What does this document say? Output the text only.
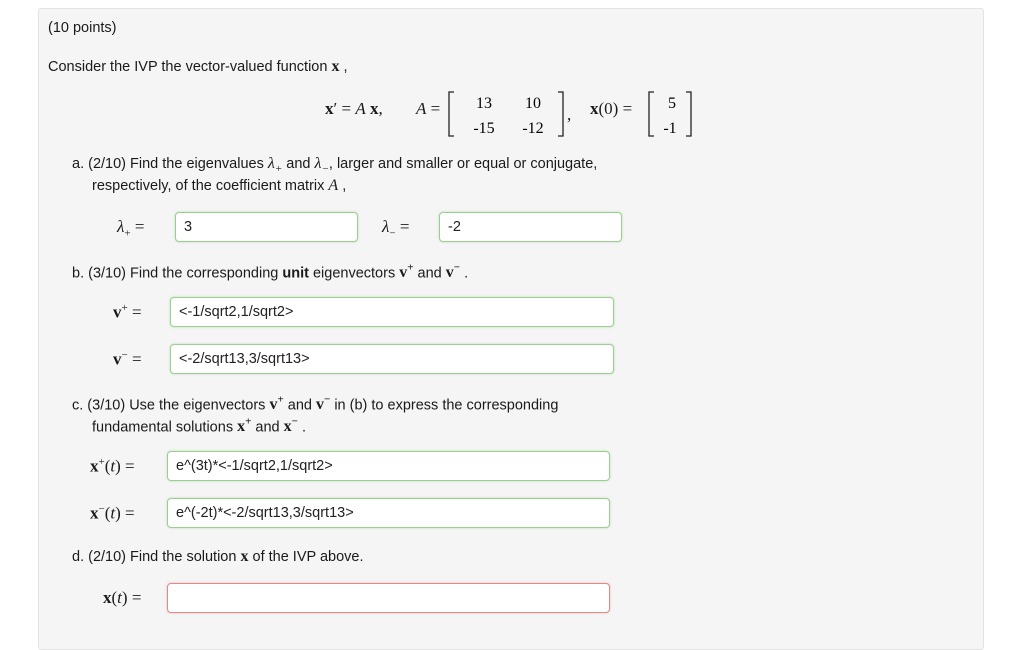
(10 points)
Consider the IVP the vector-valued function x ,
x′ = A x, A = 13 10
-15 -12
, x(0) = 5
-1
a. (2/10) Find the eigenvalues $\lambda_+$ and $\lambda_-$, larger and smaller or equal or conjugate,
respectively, of the coefficient matrix A ,
$\lambda_+$ =	3	$\lambda_-$ =	-2
b. (3/10) Find the corresponding unit eigenvectors v+ and v− .
v+ =	<-1/sqrt2,1/sqrt2>
v− =	<-2/sqrt13,3/sqrt13>
c. (3/10) Use the eigenvectors v+ and v− in (b) to express the corresponding
fundamental solutions x+ and x− .
x+(t) =	e^(3t)*<-1/sqrt2,1/sqrt2>
x−(t) =	e^(-2t)*<-2/sqrt13,3/sqrt13>
d. (2/10) Find the solution x of the IVP above.
x(t) =
